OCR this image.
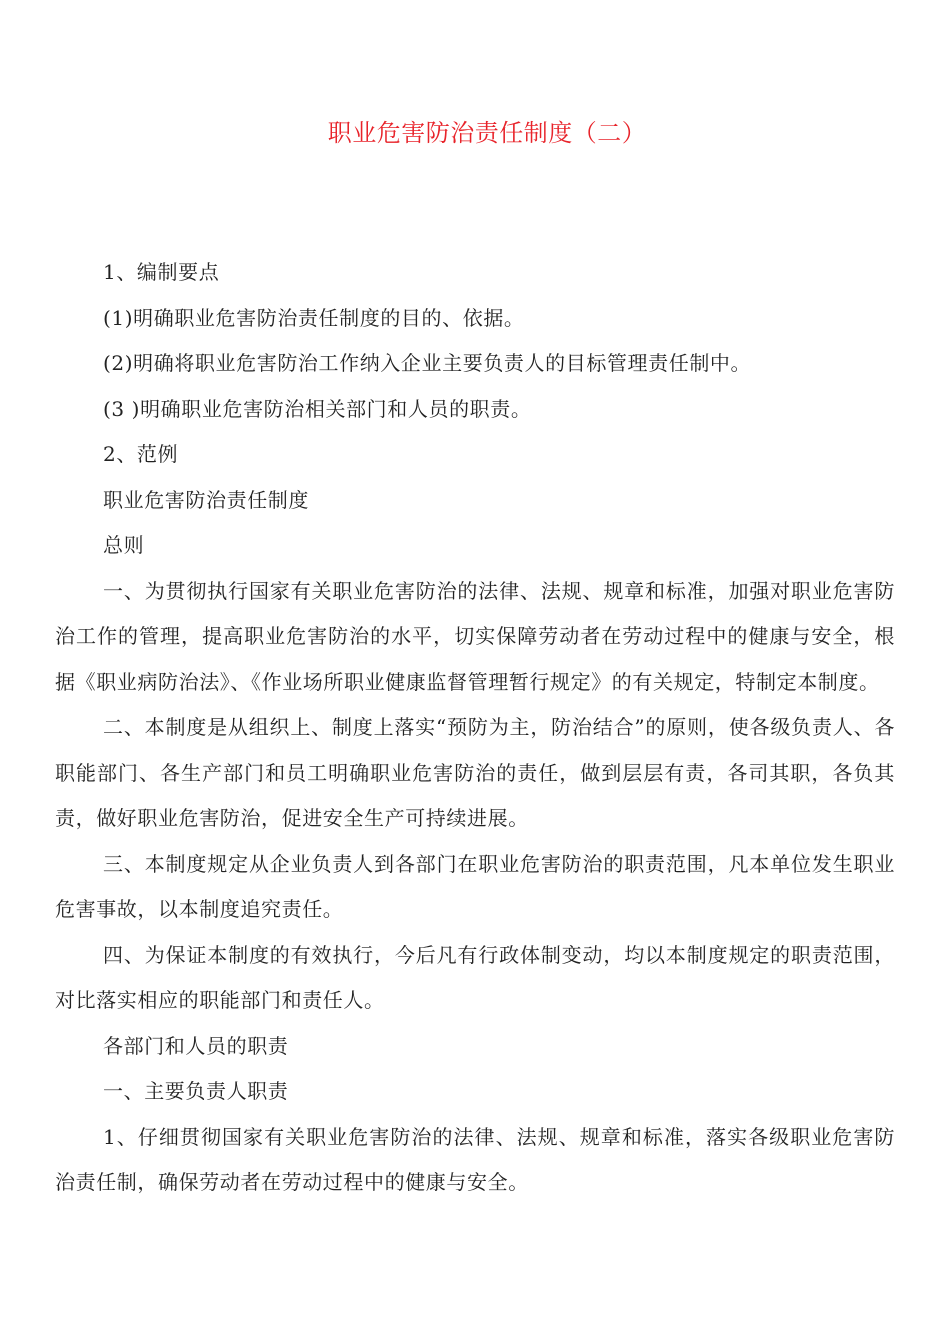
职业危害防治责任制度（二）

1、编制要点

(1)明确职业危害防治责任制度的目的、依据。

(2)明确将职业危害防治工作纳入企业主要负责人的目标管理责任制中。

(3 )明确职业危害防治相关部门和人员的职责。

2、范例

职业危害防治责任制度

总则

一、为贯彻执行国家有关职业危害防治的法律、法规、规章和标准，加强对职业危害防治工作的管理，提高职业危害防治的水平，切实保障劳动者在劳动过程中的健康与安全，根据《职业病防治法》、《作业场所职业健康监督管理暂行规定》的有关规定，特制定本制度。

二、本制度是从组织上、制度上落实“预防为主，防治结合”的原则，使各级负责人、各职能部门、各生产部门和员工明确职业危害防治的责任，做到层层有责，各司其职，各负其责，做好职业危害防治，促进安全生产可持续进展。

三、本制度规定从企业负责人到各部门在职业危害防治的职责范围，凡本单位发生职业危害事故，以本制度追究责任。

四、为保证本制度的有效执行，今后凡有行政体制变动，均以本制度规定的职责范围，对比落实相应的职能部门和责任人。

各部门和人员的职责

一、主要负责人职责

1、仔细贯彻国家有关职业危害防治的法律、法规、规章和标准，落实各级职业危害防治责任制，确保劳动者在劳动过程中的健康与安全。
